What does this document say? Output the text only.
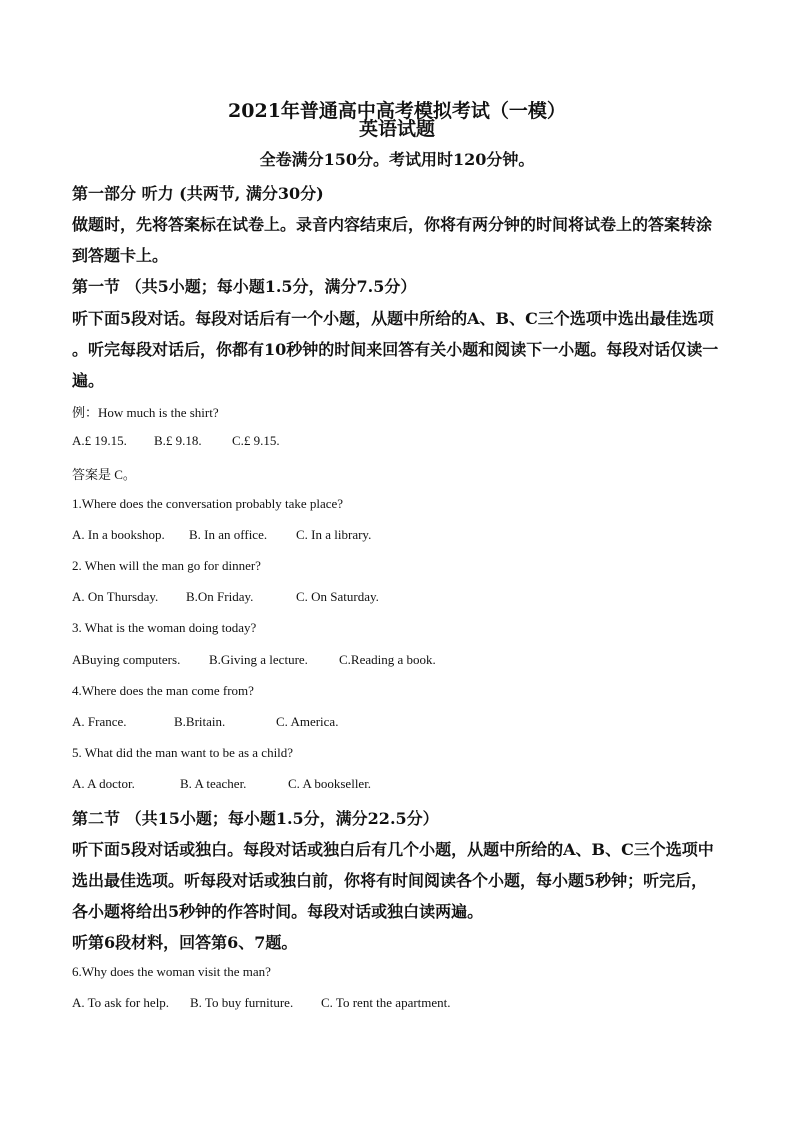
2021年普通高中高考模拟考试（一模）
英语试题
全卷满分150分。考试用时120分钟。
第一部分 听力 (共两节, 满分30分)
做题时，先将答案标在试卷上。录音内容结束后，你将有两分钟的时间将试卷上的答案转涂
到答题卡上。
第一节 （共5小题；每小题1.5分，满分7.5分）
听下面5段对话。每段对话后有一个小题，从题中所给的A、B、C三个选项中选出最佳选项
。听完每段对话后，你都有10秒钟的时间来回答有关小题和阅读下一小题。每段对话仅读一
遍。
例：How much is the shirt?
A.£ 19.15. B.£ 9.18. C.£ 9.15.
答案是 C。
1.Where does the conversation probably take place?
A. In a bookshop. B. In an office. C. In a library.
2. When will the man go for dinner?
A. On Thursday. B.On Friday.	C. On Saturday.
3. What is the woman doing today?
ABuying computers. B.Giving a lecture. C.Reading a book.
4.Where does the man come from?
A. France.	B.Britain.	C. America.
5. What did the man want to be as a child?
A. A doctor.	B. A teacher.	C. A bookseller.
第二节 （共15小题；每小题1.5分，满分22.5分）
听下面5段对话或独白。每段对话或独白后有几个小题，从题中所给的A、B、C三个选项中
选出最佳选项。听每段对话或独白前，你将有时间阅读各个小题，每小题5秒钟；听完后，
各小题将给出5秒钟的作答时间。每段对话或独白读两遍。
听第6段材料，回答第6、7题。
6.Why does the woman visit the man?
A. To ask for help. B. To buy furniture. C. To rent the apartment.
